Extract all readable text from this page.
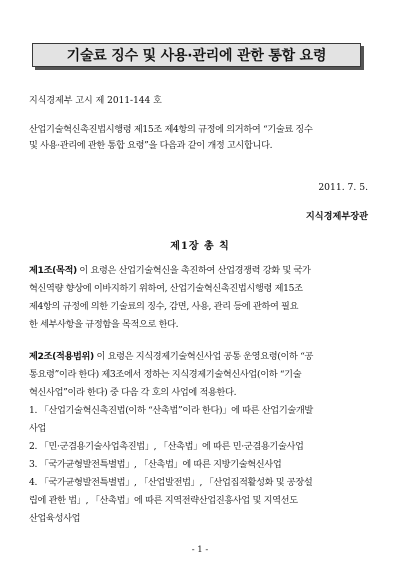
기술료 징수 및 사용·관리에 관한 통합 요령
지식경제부 고시 제 2011-144 호
산업기술혁신촉진법시행령 제15조 제4항의 규정에 의거하여 “기술료 징수
및 사용·관리에 관한 통합 요령”을 다음과 같이 개정 고시합니다.
2011. 7. 5.
지식경제부장관
제1장 총 칙
제1조(목적) 이 요령은 산업기술혁신을 촉진하여 산업경쟁력 강화 및 국가
혁신역량 향상에 이바지하기 위하여, 산업기술혁신촉진법시행령 제15조
제4항의 규정에 의한 기술료의 징수, 감면, 사용, 관리 등에 관하여 필요
한 세부사항을 규정함을 목적으로 한다.
제2조(적용범위) 이 요령은 지식경제기술혁신사업 공통 운영요령(이하 “공
통요령”이라 한다) 제3조에서 정하는 지식경제기술혁신사업(이하 “기술
혁신사업”이라 한다) 중 다음 각 호의 사업에 적용한다.
1. 「산업기술혁신촉진법(이하 “산촉법”이라 한다)」에 따른 산업기술개발
사업
2. 「민·군겸용기술사업촉진법」, 「산촉법」에 따른 민·군겸용기술사업
3. 「국가균형발전특별법」, 「산촉법」에 따른 지방기술혁신사업
4. 「국가균형발전특별법」, 「산업발전법」, 「산업집적활성화 및 공장설
립에 관한 법」, 「산촉법」에 따른 지역전략산업진흥사업 및 지역선도
산업육성사업
- 1 -
